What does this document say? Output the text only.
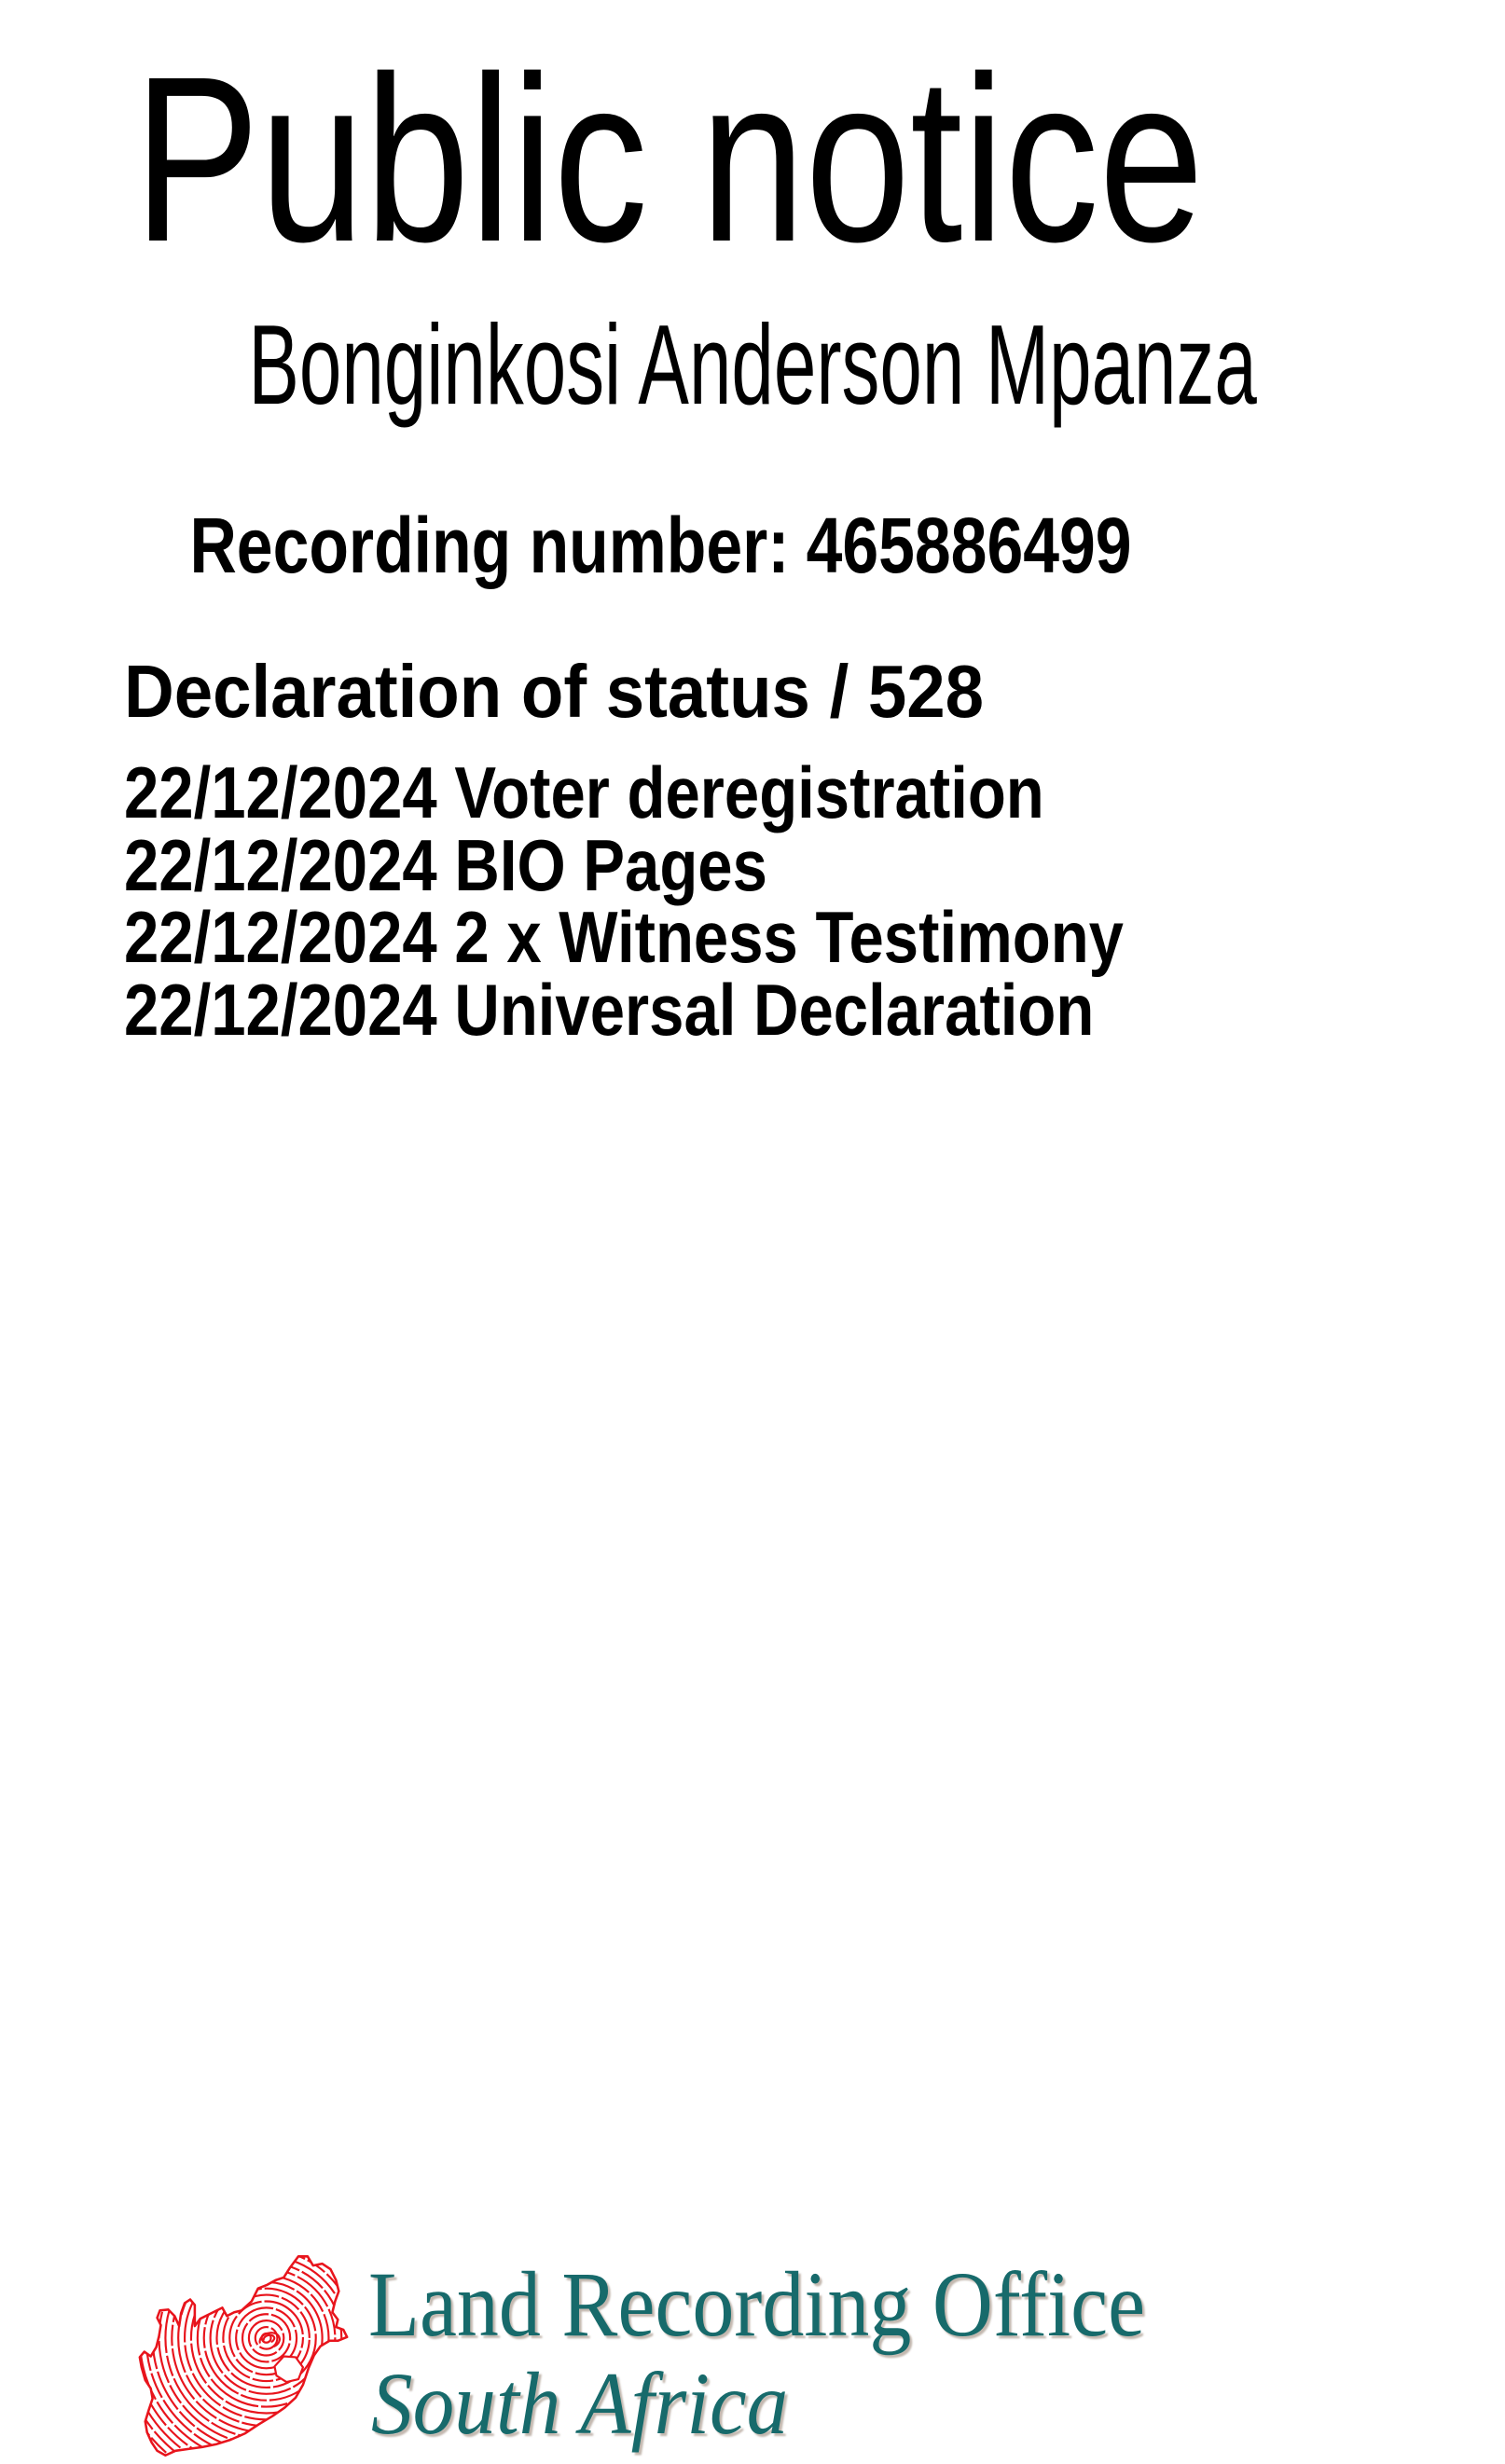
Public notice
Bonginkosi Anderson Mpanza
Recording number: 465886499
Declaration of status / 528
22/12/2024 Voter deregistration
22/12/2024 BIO Pages
22/12/2024 2 x Witness Testimony
22/12/2024 Universal Declaration
Land Recording Office
South Africa
